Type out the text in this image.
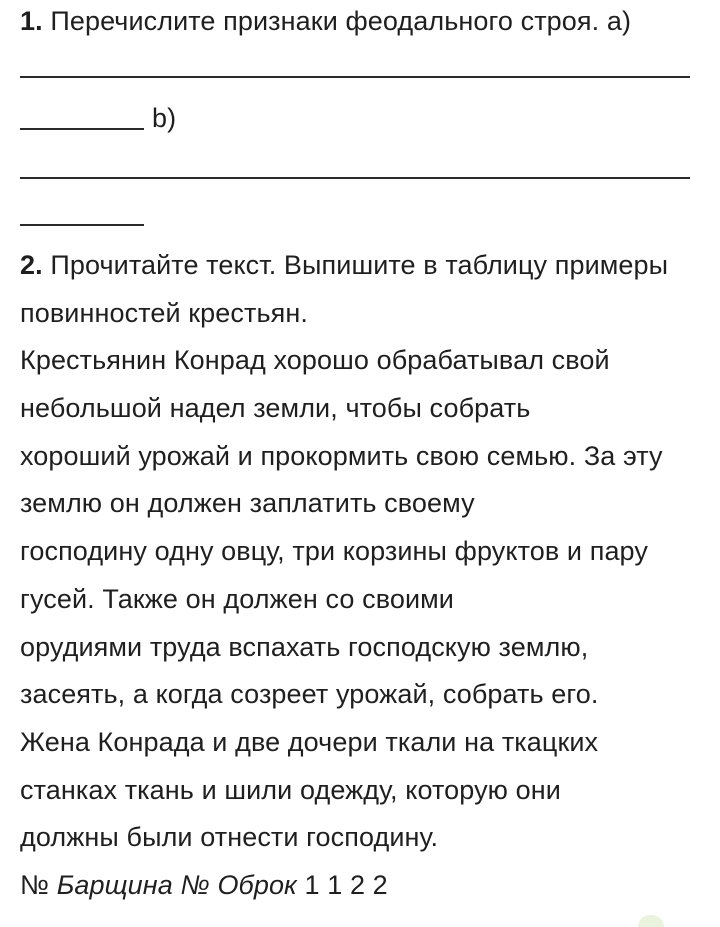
1. Перечислите признаки феодального строя. а)
b)
2. Прочитайте текст. Выпишите в таблицу примеры
повинностей крестьян.
Крестьянин Конрад хорошо обрабатывал свой
небольшой надел земли, чтобы собрать
хороший урожай и прокормить свою семью. За эту
землю он должен заплатить своему
господину одну овцу, три корзины фруктов и пару
гусей. Также он должен со своими
орудиями труда вспахать господскую землю,
засеять, а когда созреет урожай, собрать его.
Жена Конрада и две дочери ткали на ткацких
станках ткань и шили одежду, которую они
должны были отнести господину.
№ Барщина № Оброк 1 1 2 2
